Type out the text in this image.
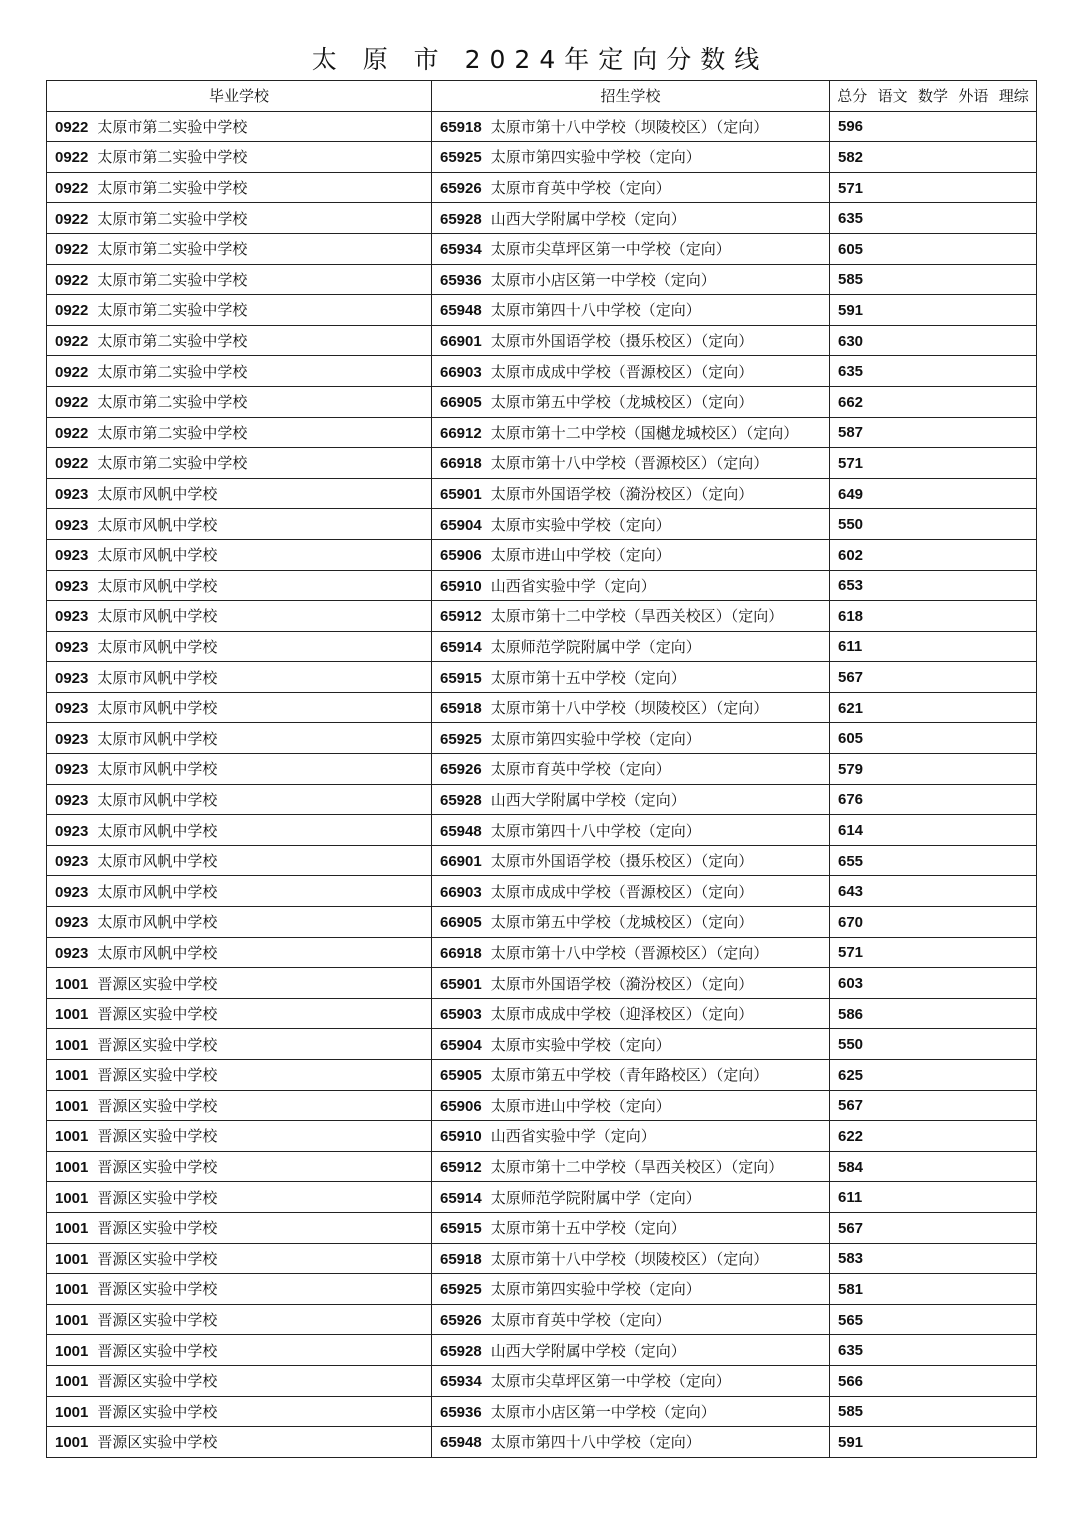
太 原 市 2024年定向分数线
毕业学校	招生学校	总分 语文 数学 外语 理综

0922 太原市第二实验中学校	65918 太原市第十八中学校（坝陵校区）（定向）	596
0922 太原市第二实验中学校	65925 太原市第四实验中学校（定向）	582
0922 太原市第二实验中学校	65926 太原市育英中学校（定向）	571
0922 太原市第二实验中学校	65928 山西大学附属中学校（定向）	635
0922 太原市第二实验中学校	65934 太原市尖草坪区第一中学校（定向）	605
0922 太原市第二实验中学校	65936 太原市小店区第一中学校（定向）	585
0922 太原市第二实验中学校	65948 太原市第四十八中学校（定向）	591
0922 太原市第二实验中学校	66901 太原市外国语学校（摄乐校区）（定向）	630
0922 太原市第二实验中学校	66903 太原市成成中学校（晋源校区）（定向）	635
0922 太原市第二实验中学校	66905 太原市第五中学校（龙城校区）（定向）	662
0922 太原市第二实验中学校	66912 太原市第十二中学校（国樾龙城校区）（定向）	587
0922 太原市第二实验中学校	66918 太原市第十八中学校（晋源校区）（定向）	571
0923 太原市风帆中学校	65901 太原市外国语学校（漪汾校区）（定向）	649
0923 太原市风帆中学校	65904 太原市实验中学校（定向）	550
0923 太原市风帆中学校	65906 太原市进山中学校（定向）	602
0923 太原市风帆中学校	65910 山西省实验中学（定向）	653
0923 太原市风帆中学校	65912 太原市第十二中学校（旱西关校区）（定向）	618
0923 太原市风帆中学校	65914 太原师范学院附属中学（定向）	611
0923 太原市风帆中学校	65915 太原市第十五中学校（定向）	567
0923 太原市风帆中学校	65918 太原市第十八中学校（坝陵校区）（定向）	621
0923 太原市风帆中学校	65925 太原市第四实验中学校（定向）	605
0923 太原市风帆中学校	65926 太原市育英中学校（定向）	579
0923 太原市风帆中学校	65928 山西大学附属中学校（定向）	676
0923 太原市风帆中学校	65948 太原市第四十八中学校（定向）	614
0923 太原市风帆中学校	66901 太原市外国语学校（摄乐校区）（定向）	655
0923 太原市风帆中学校	66903 太原市成成中学校（晋源校区）（定向）	643
0923 太原市风帆中学校	66905 太原市第五中学校（龙城校区）（定向）	670
0923 太原市风帆中学校	66918 太原市第十八中学校（晋源校区）（定向）	571
1001 晋源区实验中学校	65901 太原市外国语学校（漪汾校区）（定向）	603
1001 晋源区实验中学校	65903 太原市成成中学校（迎泽校区）（定向）	586
1001 晋源区实验中学校	65904 太原市实验中学校（定向）	550
1001 晋源区实验中学校	65905 太原市第五中学校（青年路校区）（定向）	625
1001 晋源区实验中学校	65906 太原市进山中学校（定向）	567
1001 晋源区实验中学校	65910 山西省实验中学（定向）	622
1001 晋源区实验中学校	65912 太原市第十二中学校（旱西关校区）（定向）	584
1001 晋源区实验中学校	65914 太原师范学院附属中学（定向）	611
1001 晋源区实验中学校	65915 太原市第十五中学校（定向）	567
1001 晋源区实验中学校	65918 太原市第十八中学校（坝陵校区）（定向）	583
1001 晋源区实验中学校	65925 太原市第四实验中学校（定向）	581
1001 晋源区实验中学校	65926 太原市育英中学校（定向）	565
1001 晋源区实验中学校	65928 山西大学附属中学校（定向）	635
1001 晋源区实验中学校	65934 太原市尖草坪区第一中学校（定向）	566
1001 晋源区实验中学校	65936 太原市小店区第一中学校（定向）	585
1001 晋源区实验中学校	65948 太原市第四十八中学校（定向）	591
